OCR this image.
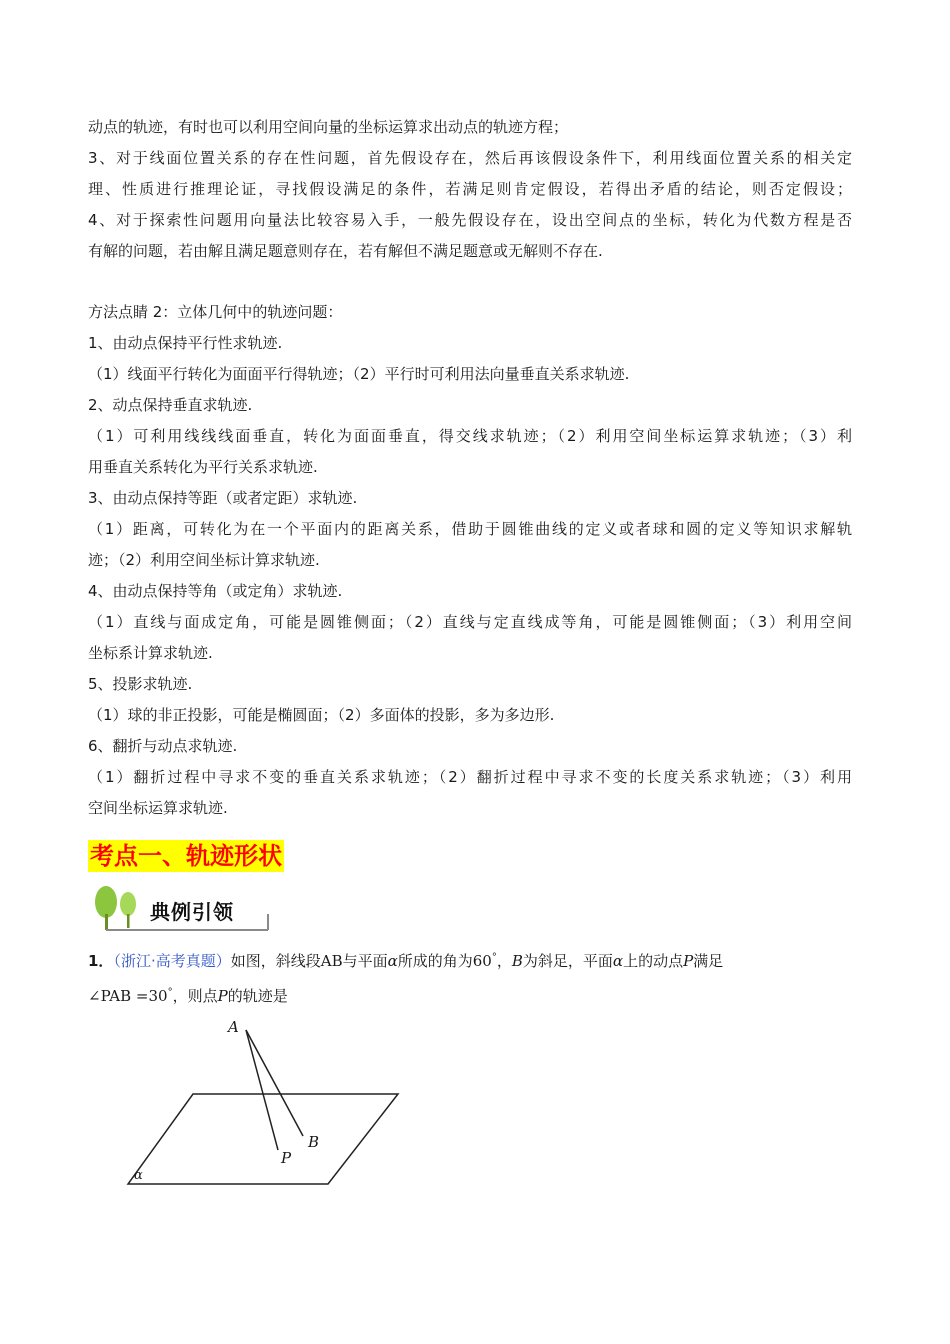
动点的轨迹，有时也可以利用空间向量的坐标运算求出动点的轨迹方程；

3、对于线面位置关系的存在性问题，首先假设存在，然后再该假设条件下，利用线面位置关系的相关定

理、性质进行推理论证，寻找假设满足的条件，若满足则肯定假设，若得出矛盾的结论，则否定假设；

4、对于探索性问题用向量法比较容易入手，一般先假设存在，设出空间点的坐标，转化为代数方程是否

有解的问题，若由解且满足题意则存在，若有解但不满足题意或无解则不存在.

方法点睛 2：立体几何中的轨迹问题：

1、由动点保持平行性求轨迹.

（1）线面平行转化为面面平行得轨迹；（2）平行时可利用法向量垂直关系求轨迹.

2、动点保持垂直求轨迹.

（1）可利用线线线面垂直，转化为面面垂直，得交线求轨迹；（2）利用空间坐标运算求轨迹；（3）利

用垂直关系转化为平行关系求轨迹.

3、由动点保持等距（或者定距）求轨迹.

（1）距离，可转化为在一个平面内的距离关系，借助于圆锥曲线的定义或者球和圆的定义等知识求解轨

迹；（2）利用空间坐标计算求轨迹.

4、由动点保持等角（或定角）求轨迹.

（1）直线与面成定角，可能是圆锥侧面；（2）直线与定直线成等角，可能是圆锥侧面；（3）利用空间

坐标系计算求轨迹.

5、投影求轨迹.

（1）球的非正投影，可能是椭圆面；（2）多面体的投影，多为多边形.

6、翻折与动点求轨迹.

（1）翻折过程中寻求不变的垂直关系求轨迹；（2）翻折过程中寻求不变的长度关系求轨迹；（3）利用

空间坐标运算求轨迹.

考点一、轨迹形状
典例引领

1．（浙江·高考真题）如图，斜线段AB与平面α所成的角为60°，B为斜足，平面α上的动点P满足

∠PAB =30°，则点P的轨迹是

A
B
P
α
